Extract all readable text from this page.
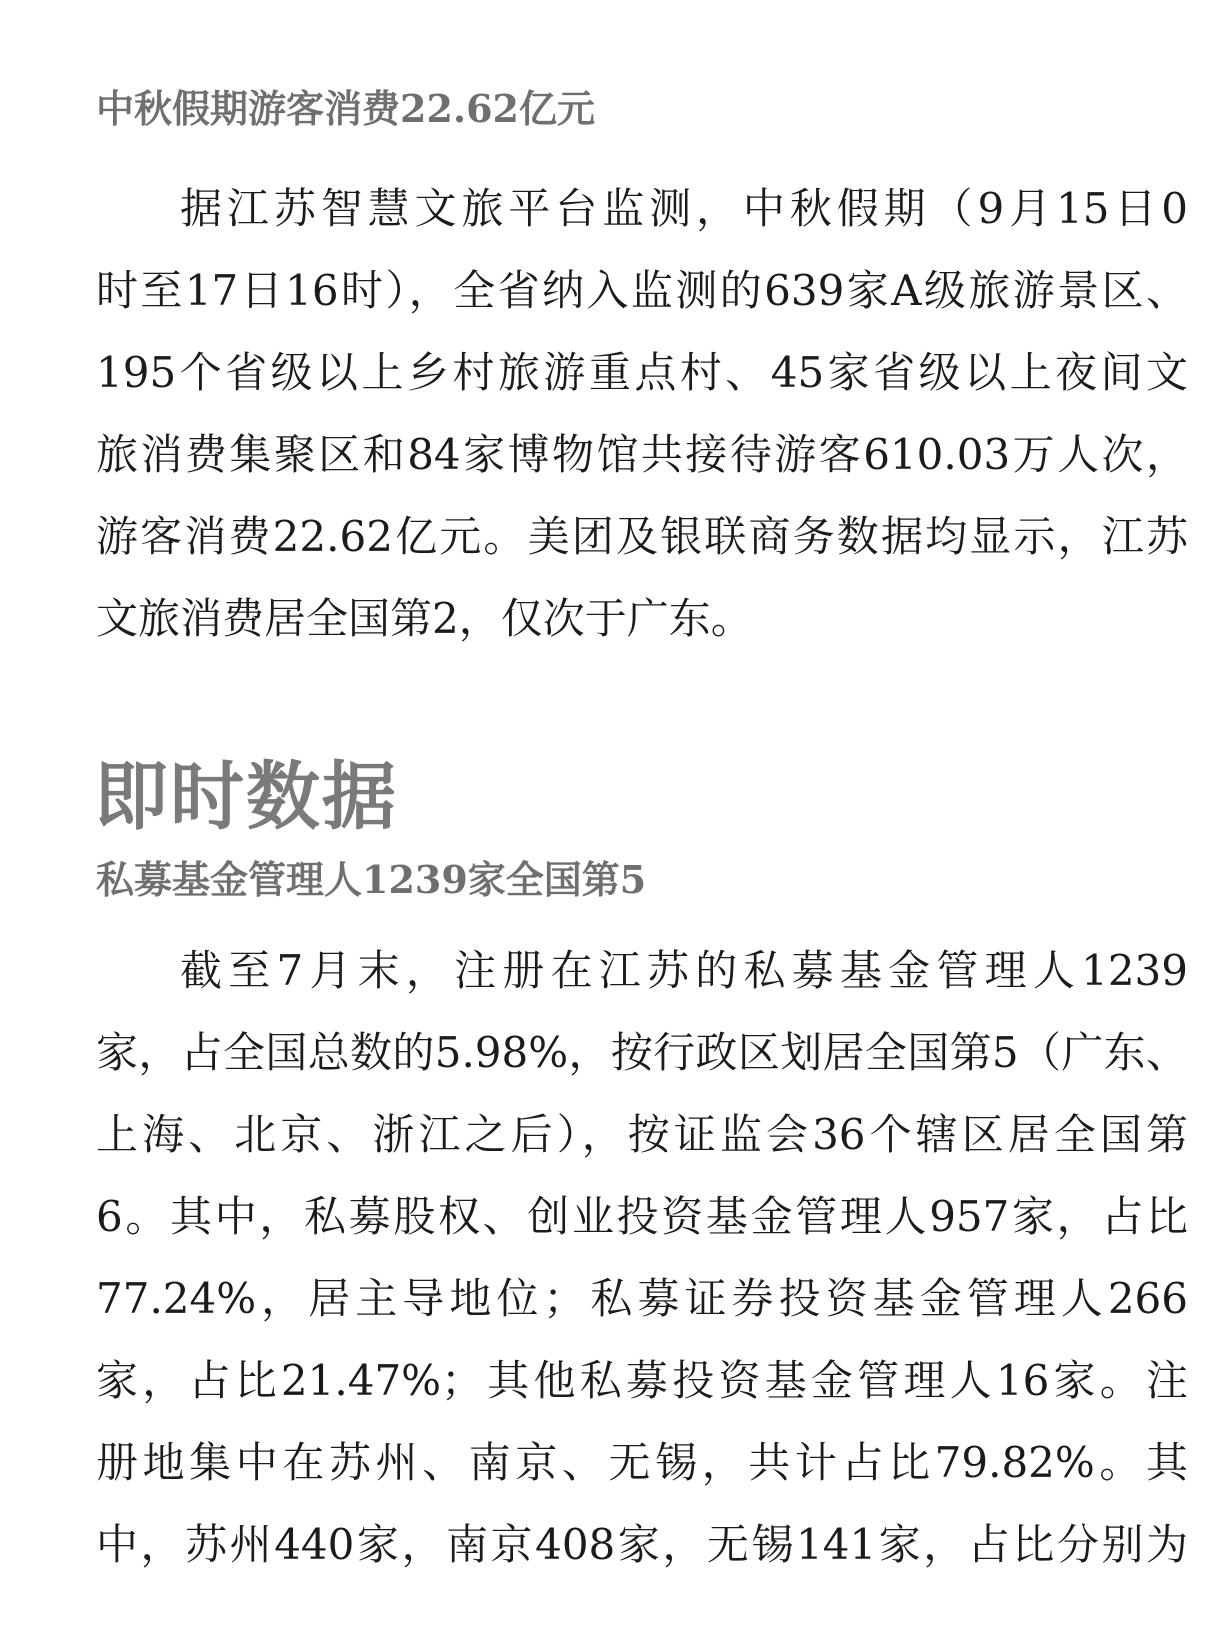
中秋假期游客消费22.62亿元
据江苏智慧文旅平台监测，中秋假期（9月15日0
时至17日16时），全省纳入监测的639家A级旅游景区、
195个省级以上乡村旅游重点村、45家省级以上夜间文
旅消费集聚区和84家博物馆共接待游客610.03万人次，
游客消费22.62亿元。美团及银联商务数据均显示，江苏
文旅消费居全国第2，仅次于广东。
即时数据
私募基金管理人1239家全国第5
截至7月末，注册在江苏的私募基金管理人1239
家，占全国总数的5.98%，按行政区划居全国第5（广东、
上海、北京、浙江之后），按证监会36个辖区居全国第
6。其中，私募股权、创业投资基金管理人957家，占比
77.24%，居主导地位；私募证券投资基金管理人266
家，占比21.47%；其他私募投资基金管理人16家。注
册地集中在苏州、南京、无锡，共计占比79.82%。其
中，苏州440家，南京408家，无锡141家，占比分别为
